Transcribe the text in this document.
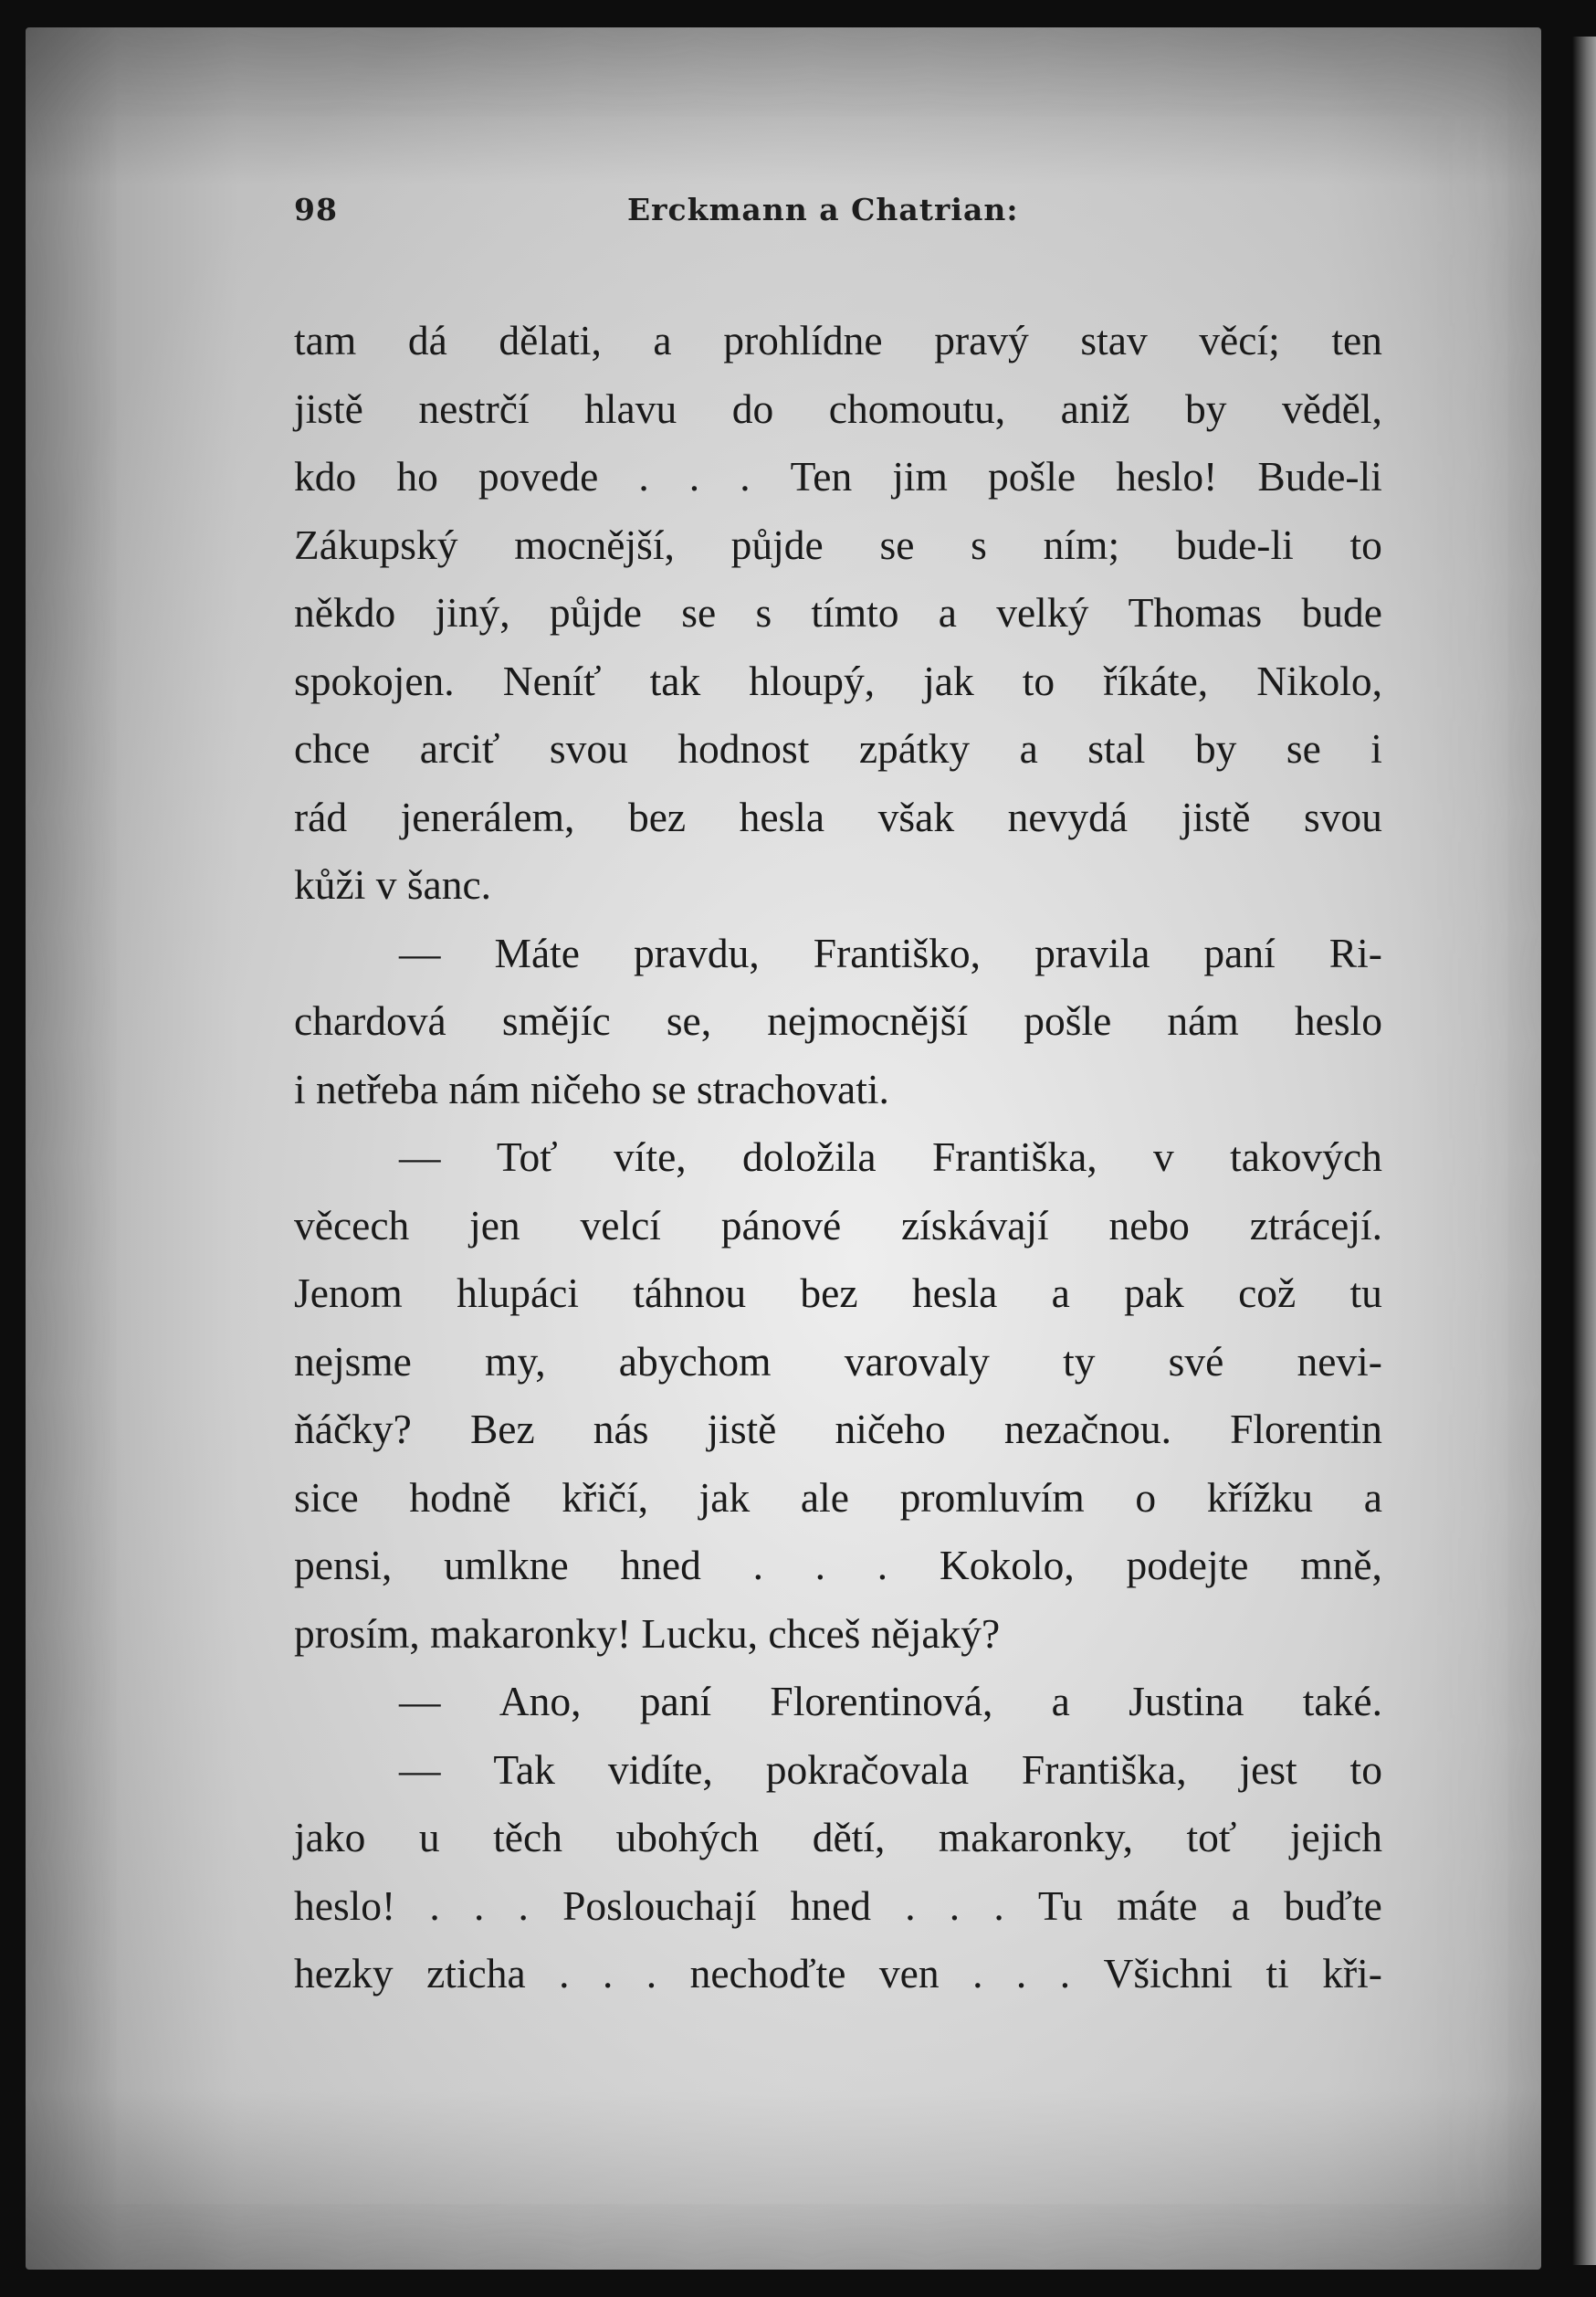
98	Erckmann a Chatrian:
tam dá dělati, a prohlídne pravý stav věcí; ten
jistě nestrčí hlavu do chomoutu, aniž by věděl,
kdo ho povede . . . Ten jim pošle heslo! Bude-li
Zákupský mocnější, půjde se s ním; bude-li to
někdo jiný, půjde se s tímto a velký Thomas bude
spokojen. Neníť tak hloupý, jak to říkáte, Nikolo,
chce arciť svou hodnost zpátky a stal by se i
rád jenerálem, bez hesla však nevydá jistě svou
kůži v šanc.
— Máte pravdu, Františko, pravila paní Ri-
chardová smějíc se, nejmocnější pošle nám heslo
i netřeba nám ničeho se strachovati.
— Toť víte, doložila Františka, v takových
věcech jen velcí pánové získávají nebo ztrácejí.
Jenom hlupáci táhnou bez hesla a pak což tu
nejsme my, abychom varovaly ty své nevi-
ňáčky? Bez nás jistě ničeho nezačnou. Florentin
sice hodně křičí, jak ale promluvím o křížku a
pensi, umlkne hned . . . Kokolo, podejte mně,
prosím, makaronky! Lucku, chceš nějaký?
— Ano, paní Florentinová, a Justina také.
— Tak vidíte, pokračovala Františka, jest to
jako u těch ubohých dětí, makaronky, toť jejich
heslo! . . . Poslouchají hned . . . Tu máte a buďte
hezky zticha . . . nechoďte ven . . . Všichni ti kři-
